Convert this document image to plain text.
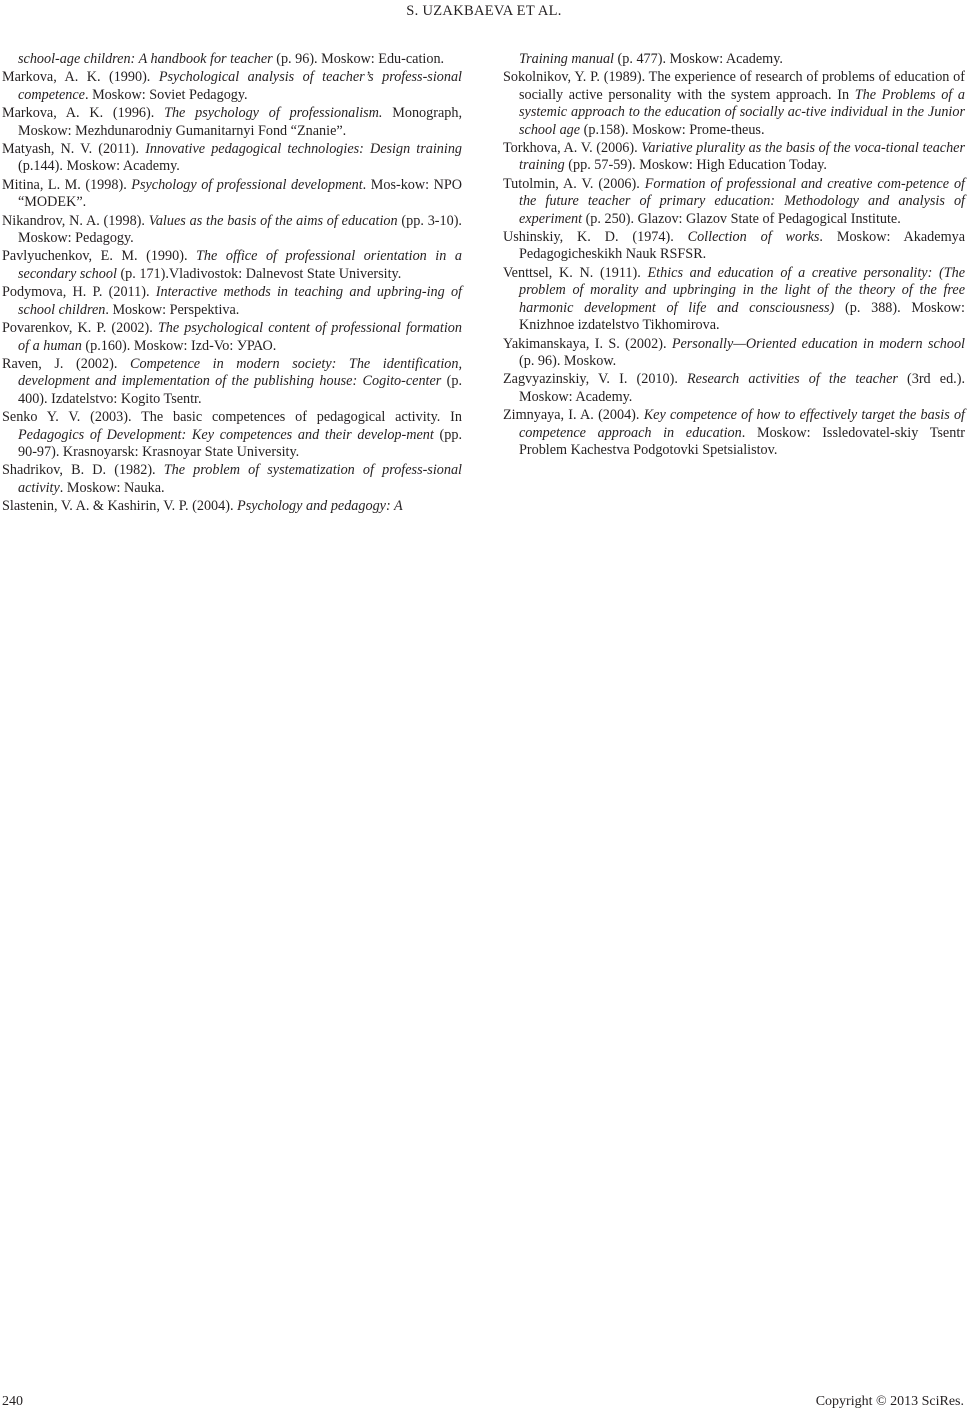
S. UZAKBAEVA ET AL.

school-age children: A handbook for teacher (p. 96). Moskow: Edu-cation.

Markova, A. K. (1990). Psychological analysis of teacher’s profess-sional competence. Moskow: Soviet Pedagogy.

Markova, A. K. (1996). The psychology of professionalism. Monograph, Moskow: Mezhdunarodniy Gumanitarnyi Fond “Znanie”.

Matyash, N. V. (2011). Innovative pedagogical technologies: Design training (p.144). Moskow: Academy.

Mitina, L. M. (1998). Psychology of professional development. Mos-kow: NPO “MODEK”.

Nikandrov, N. A. (1998). Values as the basis of the aims of education (pp. 3-10). Moskow: Pedagogy.

Pavlyuchenkov, E. M. (1990). The office of professional orientation in a secondary school (p. 171).Vladivostok: Dalnevost State University.

Podymova, H. P. (2011). Interactive methods in teaching and upbring-ing of school children. Moskow: Perspektiva.

Povarenkov, K. P. (2002). The psychological content of professional formation of a human (p.160). Moskow: Izd-Vo: УРАО.

Raven, J. (2002). Competence in modern society: The identification, development and implementation of the publishing house: Cogito-center (p. 400). Izdatelstvo: Kogito Tsentr.

Senko Y. V. (2003). The basic competences of pedagogical activity. In Pedagogics of Development: Key competences and their develop-ment (pp. 90-97). Krasnoyarsk: Krasnoyar State University.

Shadrikov, B. D. (1982). The problem of systematization of profess-sional activity. Moskow: Nauka.

Slastenin, V. A. & Kashirin, V. P. (2004). Psychology and pedagogy: A

Training manual (p. 477). Moskow: Academy.

Sokolnikov, Y. P. (1989). The experience of research of problems of education of socially active personality with the system approach. In The Problems of a systemic approach to the education of socially ac-tive individual in the Junior school age (p.158). Moskow: Prome-theus.

Torkhova, A. V. (2006). Variative plurality as the basis of the voca-tional teacher training (pp. 57-59). Moskow: High Education Today.

Tutolmin, A. V. (2006). Formation of professional and creative com-petence of the future teacher of primary education: Methodology and analysis of experiment (p. 250). Glazov: Glazov State of Pedagogical Institute.

Ushinskiy, K. D. (1974). Collection of works. Moskow: Akademya Pedagogicheskikh Nauk RSFSR.

Venttsel, K. N. (1911). Ethics and education of a creative personality: (The problem of morality and upbringing in the light of the theory of the free harmonic development of life and consciousness) (p. 388). Moskow: Knizhnoe izdatelstvo Tikhomirova.

Yakimanskaya, I. S. (2002). Personally—Oriented education in modern school (p. 96). Moskow.

Zagvyazinskiy, V. I. (2010). Research activities of the teacher (3rd ed.). Moskow: Academy.

Zimnyaya, I. A. (2004). Key competence of how to effectively target the basis of competence approach in education. Moskow: Issledovatel-skiy Tsentr Problem Kachestva Podgotovki Spetsialistov.

240	Copyright © 2013 SciRes.
